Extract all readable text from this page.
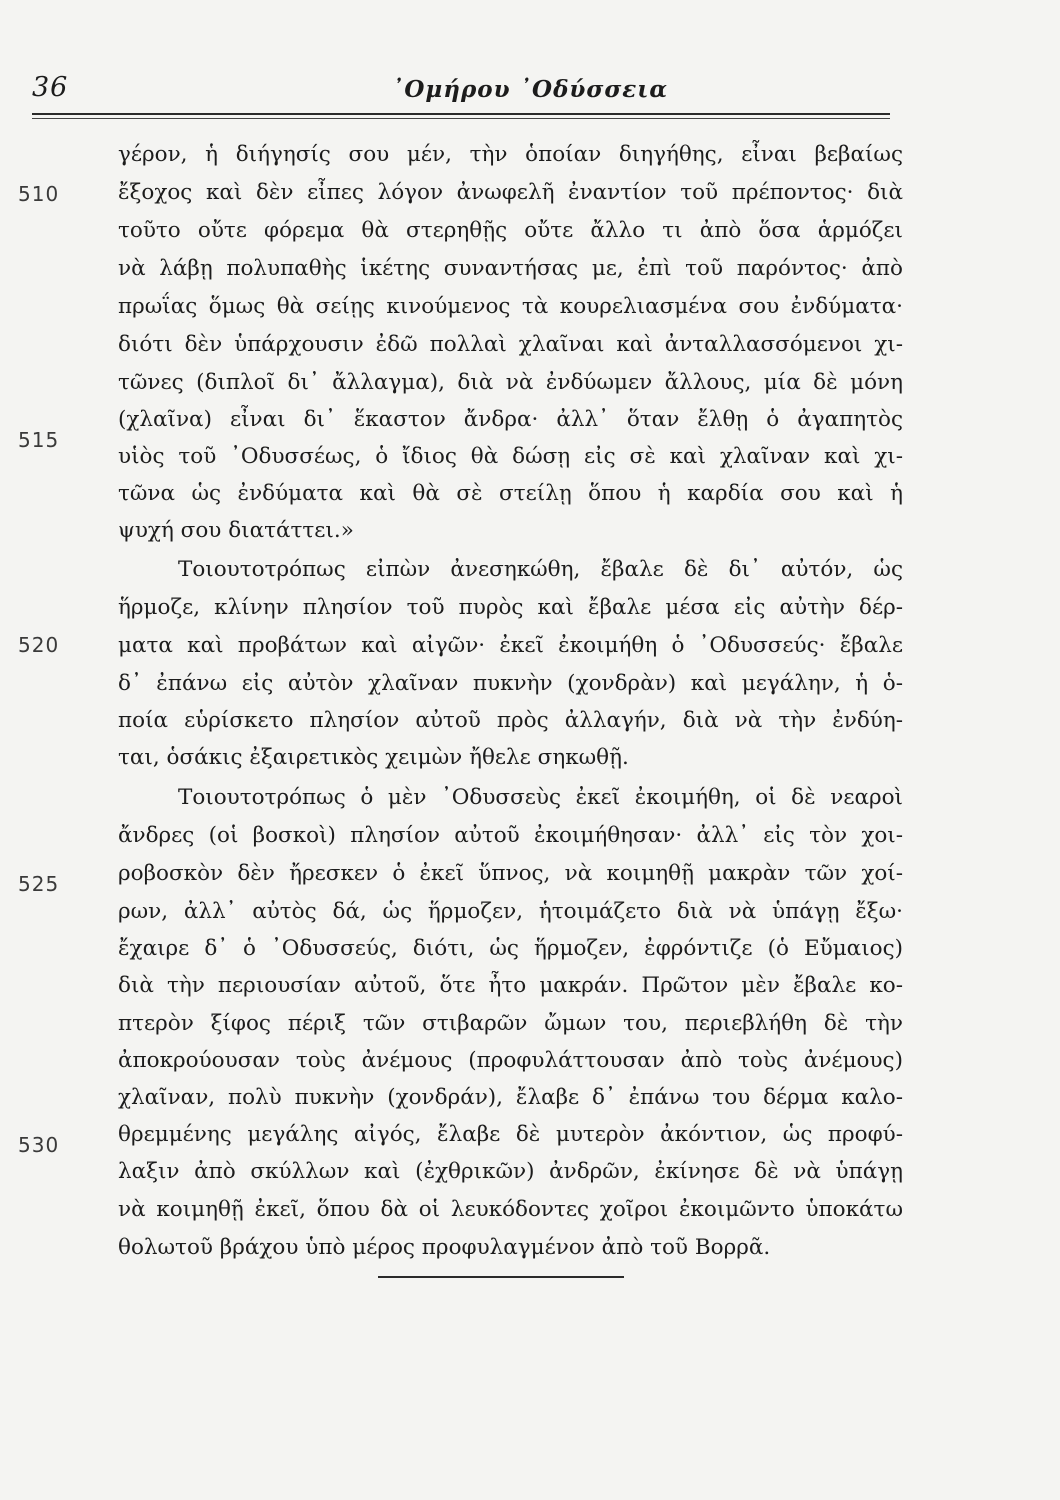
36	᾿Ομήρου ᾿Οδύσσεια
510
515
520
525
530
γέρον, ἡ διήγησίς σου μέν, τὴν ὁποίαν διηγήθης, εἶναι βεβαίως
ἔξοχος καὶ δὲν εἶπες λόγον ἀνωφελῆ ἐναντίον τοῦ πρέποντος· διὰ
τοῦτο οὔτε φόρεμα θὰ στερηθῇς οὔτε ἄλλο τι ἀπὸ ὅσα ἁρμόζει
νὰ λάβῃ πολυπαθὴς ἱκέτης συναντήσας με, ἐπὶ τοῦ παρόντος· ἀπὸ
πρωΐας ὅμως θὰ σείῃς κινούμενος τὰ κουρελιασμένα σου ἐνδύματα·
διότι δὲν ὑπάρχουσιν ἐδῶ πολλαὶ χλαῖναι καὶ ἀνταλλασσόμενοι χι-
τῶνες (διπλοῖ δι᾿ ἄλλαγμα), διὰ νὰ ἐνδύωμεν ἄλλους, μία δὲ μόνη
(χλαῖνα) εἶναι δι᾿ ἕκαστον ἄνδρα· ἀλλ᾿ ὅταν ἔλθῃ ὁ ἀγαπητὸς
υἱὸς τοῦ ᾿Οδυσσέως, ὁ ἴδιος θὰ δώσῃ εἰς σὲ καὶ χλαῖναν καὶ χι-
τῶνα ὡς ἐνδύματα καὶ θὰ σὲ στείλῃ ὅπου ἡ καρδία σου καὶ ἡ
ψυχή σου διατάττει.»
Τοιουτοτρόπως εἰπὼν ἀνεσηκώθη, ἔβαλε δὲ δι᾿ αὐτόν, ὡς
ἥρμοζε, κλίνην πλησίον τοῦ πυρὸς καὶ ἔβαλε μέσα εἰς αὐτὴν δέρ-
ματα καὶ προβάτων καὶ αἰγῶν· ἐκεῖ ἐκοιμήθη ὁ ᾿Οδυσσεύς· ἔβαλε
δ᾿ ἐπάνω εἰς αὐτὸν χλαῖναν πυκνὴν (χονδρὰν) καὶ μεγάλην, ἡ ὁ-
ποία εὑρίσκετο πλησίον αὐτοῦ πρὸς ἀλλαγήν, διὰ νὰ τὴν ἐνδύη-
ται, ὁσάκις ἐξαιρετικὸς χειμὼν ἤθελε σηκωθῇ.
Τοιουτοτρόπως ὁ μὲν ᾿Οδυσσεὺς ἐκεῖ ἐκοιμήθη, οἱ δὲ νεαροὶ
ἄνδρες (οἱ βοσκοὶ) πλησίον αὐτοῦ ἐκοιμήθησαν· ἀλλ᾿ εἰς τὸν χοι-
ροβοσκὸν δὲν ἤρεσκεν ὁ ἐκεῖ ὕπνος, νὰ κοιμηθῇ μακρὰν τῶν χοί-
ρων, ἀλλ᾿ αὐτὸς δά, ὡς ἥρμοζεν, ἡτοιμάζετο διὰ νὰ ὑπάγῃ ἔξω·
ἔχαιρε δ᾿ ὁ ᾿Οδυσσεύς, διότι, ὡς ἥρμοζεν, ἐφρόντιζε (ὁ Εὔμαιος)
διὰ τὴν περιουσίαν αὐτοῦ, ὅτε ἦτο μακράν. Πρῶτον μὲν ἔβαλε κο-
πτερὸν ξίφος πέριξ τῶν στιβαρῶν ὤμων του, περιεβλήθη δὲ τὴν
ἀποκρούουσαν τοὺς ἀνέμους (προφυλάττουσαν ἀπὸ τοὺς ἀνέμους)
χλαῖναν, πολὺ πυκνὴν (χονδράν), ἔλαβε δ᾿ ἐπάνω του δέρμα καλο-
θρεμμένης μεγάλης αἰγός, ἔλαβε δὲ μυτερὸν ἀκόντιον, ὡς προφύ-
λαξιν ἀπὸ σκύλλων καὶ (ἐχθρικῶν) ἀνδρῶν, ἐκίνησε δὲ νὰ ὑπάγῃ
νὰ κοιμηθῇ ἐκεῖ, ὅπου δὰ οἱ λευκόδοντες χοῖροι ἐκοιμῶντο ὑποκάτω
θολωτοῦ βράχου ὑπὸ μέρος προφυλαγμένον ἀπὸ τοῦ Βορρᾶ.
